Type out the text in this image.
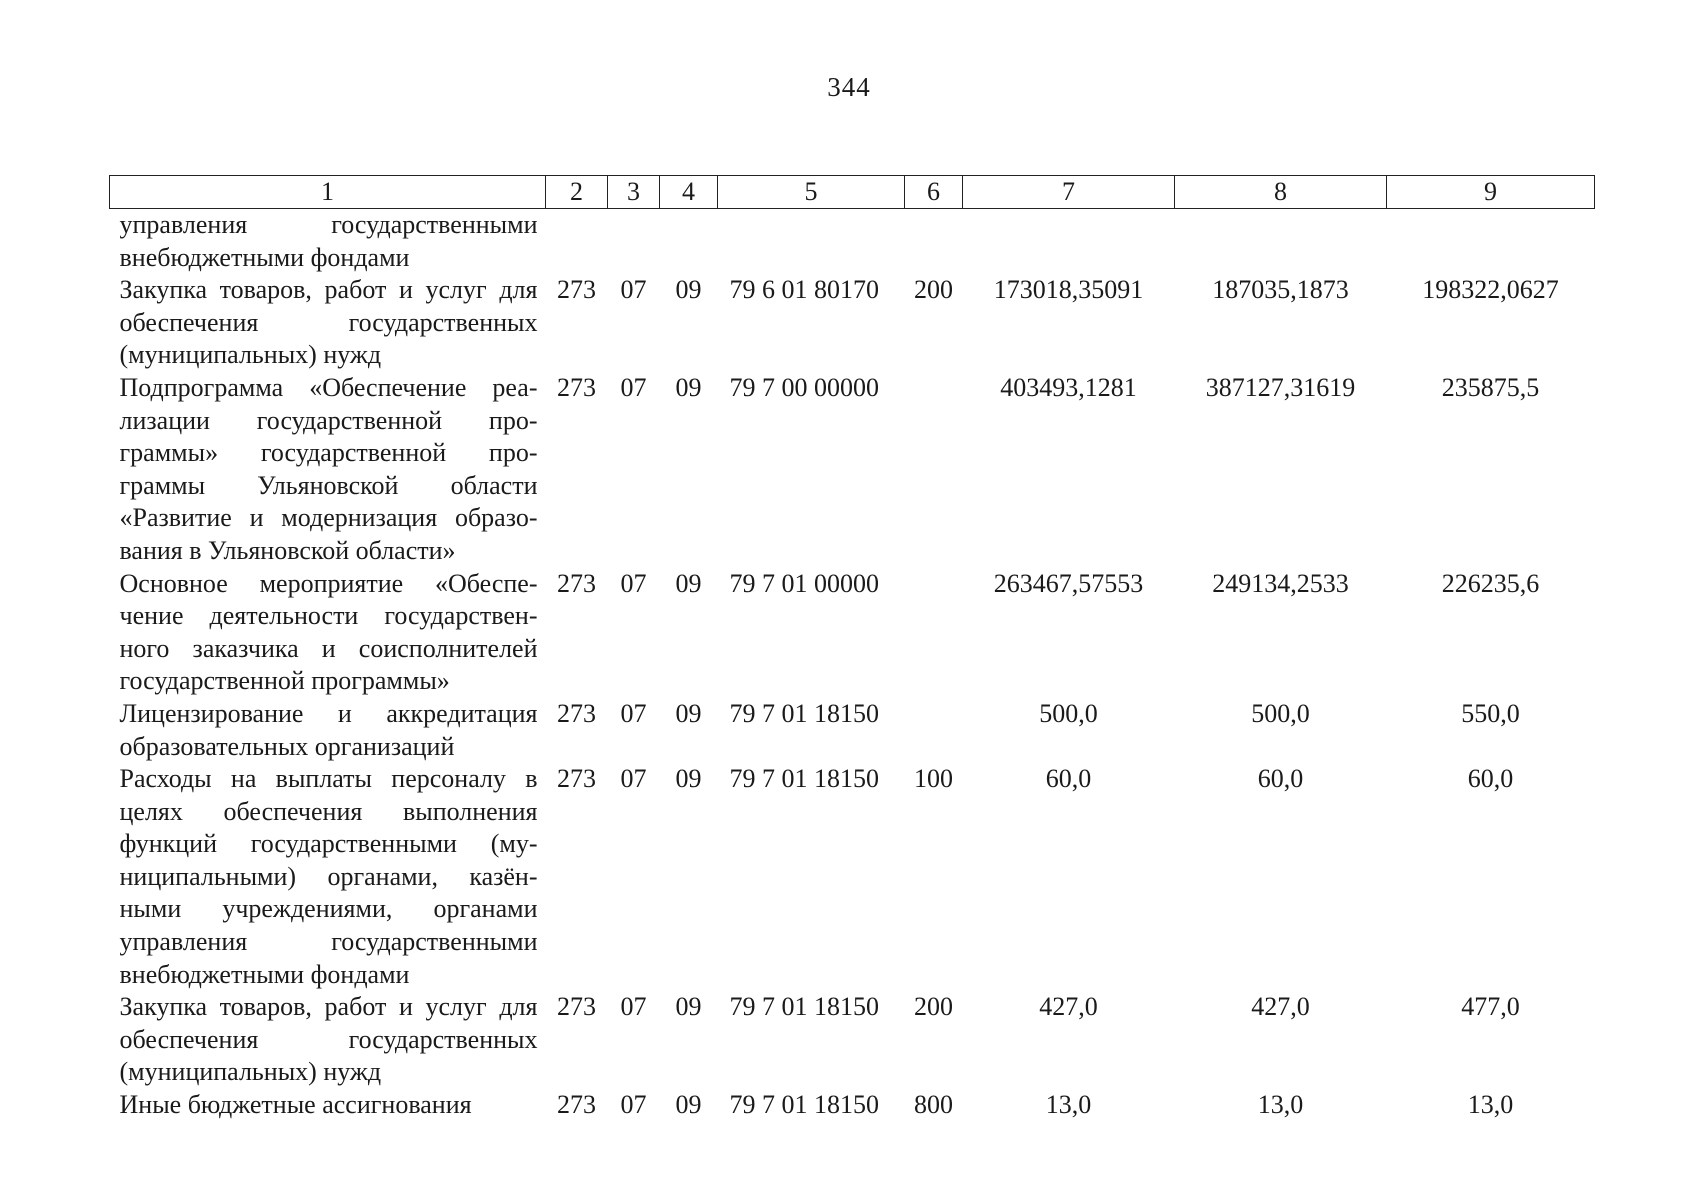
344
1	2	3	4	5	6	7	8	9
управления государственными внебюджетными фондами								
Закупка товаров, работ и услуг для обеспечения государственных (муниципальных) нужд	273	07	09	79 6 01 80170	200	173018,35091	187035,1873	198322,0627
Подпрограмма «Обеспечение реа-лизации государственной про-граммы» государственной про-граммы Ульяновской области «Развитие и модернизация образо-вания в Ульяновской области»	273	07	09	79 7 00 00000		403493,1281	387127,31619	235875,5
Основное мероприятие «Обеспе-чение деятельности государствен-ного заказчика и соисполнителей государственной программы»	273	07	09	79 7 01 00000		263467,57553	249134,2533	226235,6
Лицензирование и аккредитация образовательных организаций	273	07	09	79 7 01 18150		500,0	500,0	550,0
Расходы на выплаты персоналу в целях обеспечения выполнения функций государственными (му-ниципальными) органами, казён-ными учреждениями, органами управления государственными внебюджетными фондами	273	07	09	79 7 01 18150	100	60,0	60,0	60,0
Закупка товаров, работ и услуг для обеспечения государственных (муниципальных) нужд	273	07	09	79 7 01 18150	200	427,0	427,0	477,0
Иные бюджетные ассигнования	273	07	09	79 7 01 18150	800	13,0	13,0	13,0
